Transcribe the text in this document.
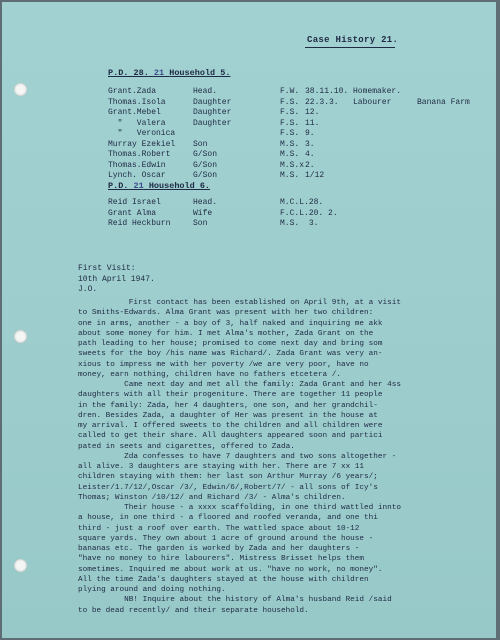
Case History 21.
P.D. 28. 21 Household 5.
Grant.Zada	Head.	F.W.	38.11.10.	Homemaker.	
Thomas.Isola	Daughter	F.S.	22.3.3.	Labourer	Banana Farm
Grant.Mebel	Daughter	F.S.	12.		
"   Valera	Daughter	F.S.	11.		
"   Veronica		F.S.	9.		
Murray Ezekiel	Son	M.S.	3.		
Thomas.Robert	G/Son	M.S.	4.		
Thomas.Edwin	G/Son	M.S.x	2.		
Lynch. Oscar	G/Son	M.S.	1/12		
P.D. 21 Household 6.
Reid Israel	Head.	M.C.L.	28.		
Grant Alma	Wife	F.C.L.	20. 2.		
Reid Heckburn	Son	M.S.	3.		
First Visit:
10th April 1947.
J.O.
First contact has been established on April 9th, at a visit
to Smiths-Edwards. Alma Grant was present with her two children:
one in arms, another - a boy of 3, half naked and inquiring me akk
about some money for him. I met Alma's mother, Zada Grant on the
path leading to her house; promised to come next day and bring som
sweets for the boy /his name was Richard/. Zada Grant was very an-
xious to impress me with her poverty /we are very poor, have no
money, earn nothing, children have no fathers etcetera /.
Came next day and met all the family: Zada Grant and her 4ss
daughters with all their progeniture. There are together 11 people
in the family: Zada, her 4 daughters, one son, and her grandchil-
dren. Besides Zada, a daughter of Her was present in the house at
my arrival. I offered sweets to the children and all children were
called to get their share. All daughters appeared soon and partici
pated in seets and cigarettes, offered to Zada.
Zda confesses to have 7 daughters and two sons altogether -
all alive. 3 daughters are staying with her. There are 7 xx 11
children staying with them: her last son Arthur Murray /6 years/;
Leister/1.7/12/,Oscar /3/, Edwin/6/,Robert/7/ - all sons of Icy's
Thomas; Winston /10/12/ and Richard /3/ - Alma's children.
Their house - a xxxx scaffolding, in one third wattled innto
a house, in one third - a floored and roofed veranda, and one thi
third - just a roof over earth. The wattled space about 10-12
square yards. They own about 1 acre of ground around the house -
bananas etc. The garden is worked by Zada and her daughters -
"have no money to hire labourers". Mistress Brisset helps them
sometimes. Inquired me about work at us. "have no work, no money".
All the time Zada's daughters stayed at the house with children
plying around and doing nothing.
NB! Inquire about the history of Alma's husband Reid /said
to be dead recently/ and their separate household.
